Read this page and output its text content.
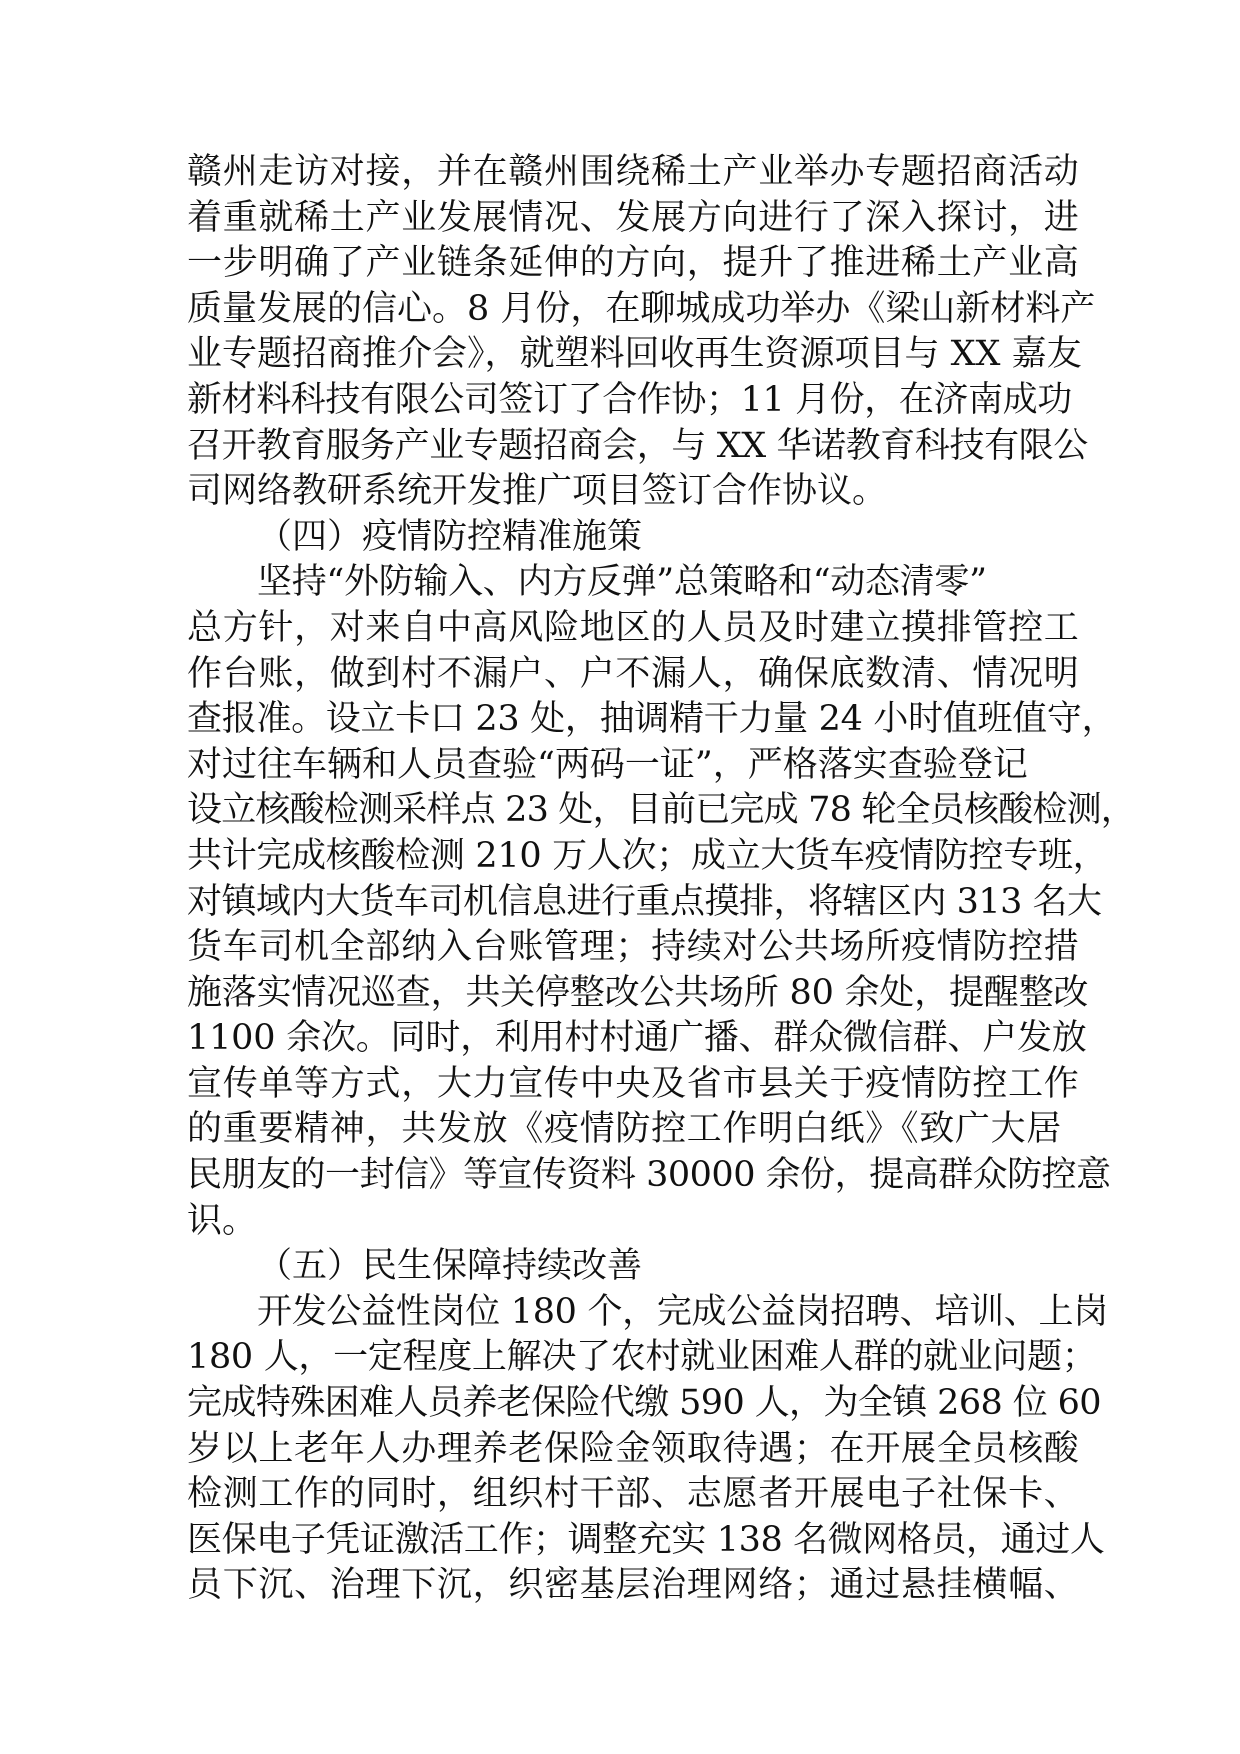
赣州走访对接，并在赣州围绕稀土产业举办专题招商活动
着重就稀土产业发展情况、发展方向进行了深入探讨，进
一步明确了产业链条延伸的方向，提升了推进稀土产业高
质量发展的信心。8 月份，在聊城成功举办《梁山新材料产
业专题招商推介会》，就塑料回收再生资源项目与 XX 嘉友
新材料科技有限公司签订了合作协；11 月份，在济南成功
召开教育服务产业专题招商会，与 XX 华诺教育科技有限公
司网络教研系统开发推广项目签订合作协议。
（四）疫情防控精准施策
坚持“外防输入、内方反弹”总策略和“动态清零”
总方针，对来自中高风险地区的人员及时建立摸排管控工
作台账，做到村不漏户、户不漏人，确保底数清、情况明
查报准。设立卡口 23 处，抽调精干力量 24 小时值班值守，
对过往车辆和人员查验“两码一证”，严格落实查验登记
设立核酸检测采样点 23 处，目前已完成 78 轮全员核酸检测，
共计完成核酸检测 210 万人次；成立大货车疫情防控专班，
对镇域内大货车司机信息进行重点摸排，将辖区内 313 名大
货车司机全部纳入台账管理；持续对公共场所疫情防控措
施落实情况巡查，共关停整改公共场所 80 余处，提醒整改
1100 余次。同时，利用村村通广播、群众微信群、户发放
宣传单等方式，大力宣传中央及省市县关于疫情防控工作
的重要精神，共发放《疫情防控工作明白纸》《致广大居
民朋友的一封信》等宣传资料 30000 余份，提高群众防控意
识。
（五）民生保障持续改善
开发公益性岗位 180 个，完成公益岗招聘、培训、上岗
180 人，一定程度上解决了农村就业困难人群的就业问题；
完成特殊困难人员养老保险代缴 590 人，为全镇 268 位 60
岁以上老年人办理养老保险金领取待遇；在开展全员核酸
检测工作的同时，组织村干部、志愿者开展电子社保卡、
医保电子凭证激活工作；调整充实 138 名微网格员，通过人
员下沉、治理下沉，织密基层治理网络；通过悬挂横幅、
